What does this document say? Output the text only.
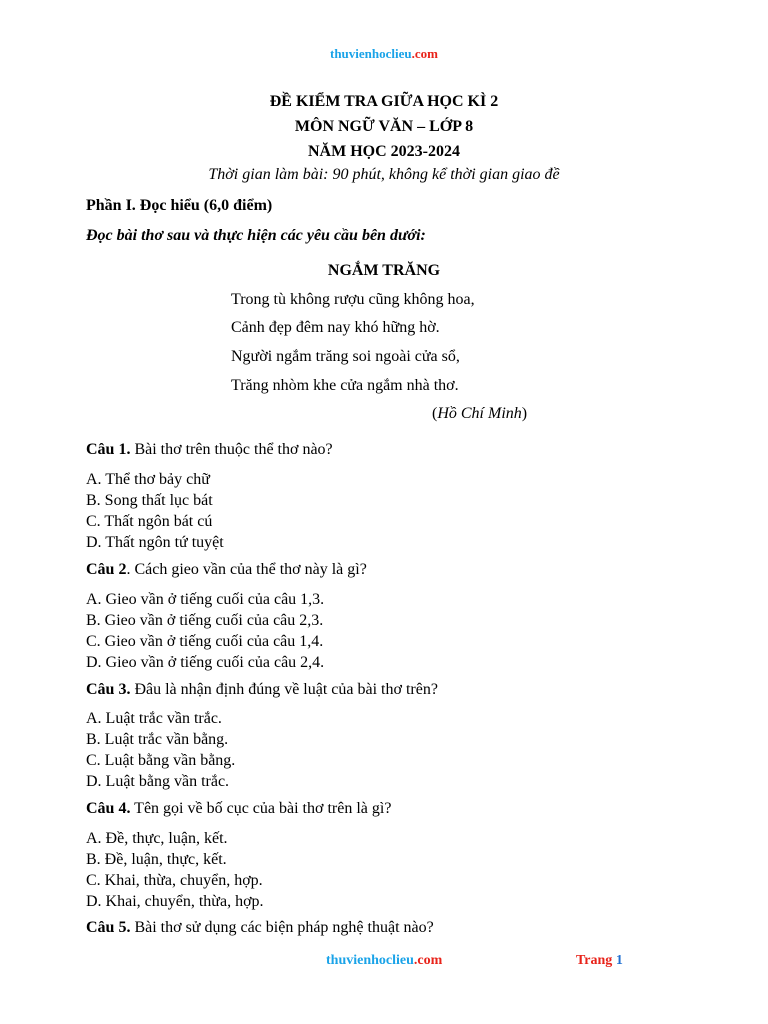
thuvienhoclieu.com
ĐỀ KIỂM TRA GIỮA HỌC KÌ 2
MÔN NGỮ VĂN – LỚP 8
NĂM HỌC 2023-2024
Thời gian làm bài: 90 phút, không kể thời gian giao đề
Phần I. Đọc hiểu (6,0 điểm)
Đọc bài thơ sau và thực hiện các yêu cầu bên dưới:
NGẮM TRĂNG
Trong tù không rượu cũng không hoa,
Cảnh đẹp đêm nay khó hững hờ.
Người ngắm trăng soi ngoài cửa sổ,
Trăng nhòm khe cửa ngắm nhà thơ.
(Hồ Chí Minh)
Câu 1. Bài thơ trên thuộc thể thơ nào?
A. Thể thơ bảy chữ
B. Song thất lục bát
C. Thất ngôn bát cú
D. Thất ngôn tứ tuyệt
Câu 2. Cách gieo vần của thể thơ này là gì?
A. Gieo vần ở tiếng cuối của câu 1,3.
B. Gieo vần ở tiếng cuối của câu 2,3.
C. Gieo vần ở tiếng cuối của câu 1,4.
D. Gieo vần ở tiếng cuối của câu 2,4.
Câu 3. Đâu là nhận định đúng về luật của bài thơ trên?
A. Luật trắc vần trắc.
B. Luật trắc vần bằng.
C. Luật bằng vần bằng.
D. Luật bằng vần trắc.
Câu 4. Tên gọi về bố cục của bài thơ trên là gì?
A. Đề, thực, luận, kết.
B. Đề, luận, thực, kết.
C. Khai, thừa, chuyển, hợp.
D. Khai, chuyển, thừa, hợp.
Câu 5. Bài thơ sử dụng các biện pháp nghệ thuật nào?
thuvienhoclieu.com	Trang 1
